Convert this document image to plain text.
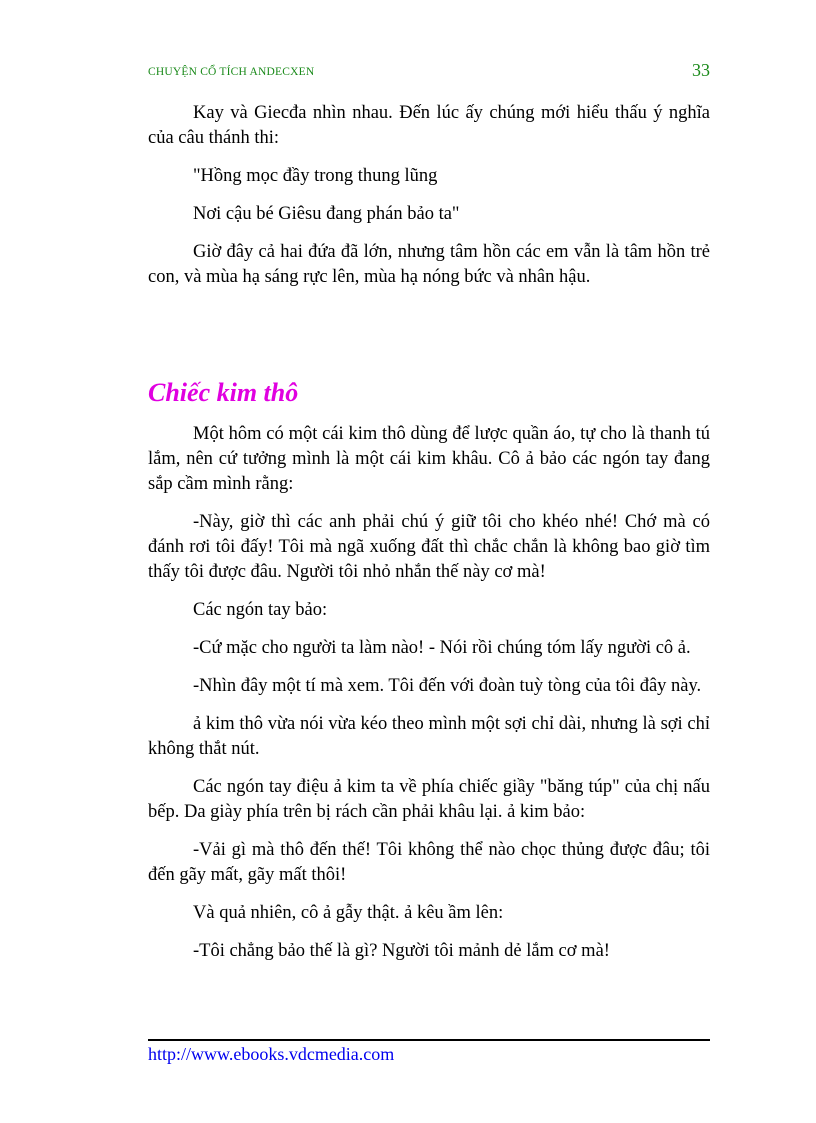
CHUYỆN CỔ TÍCH ANDECXEN	33

Kay và Giecđa nhìn nhau. Đến lúc ấy chúng mới hiểu thấu ý nghĩa của câu thánh thi:

"Hồng mọc đầy trong thung lũng

Nơi cậu bé Giêsu đang phán bảo ta"

Giờ đây cả hai đứa đã lớn, nhưng tâm hồn các em vẫn là tâm hồn trẻ con, và mùa hạ sáng rực lên, mùa hạ nóng bức và nhân hậu.

Chiếc kim thô

Một hôm có một cái kim thô dùng để lược quần áo, tự cho là thanh tú lắm, nên cứ tưởng mình là một cái kim khâu. Cô ả bảo các ngón tay đang sắp cầm mình rằng:

-Này, giờ thì các anh phải chú ý giữ tôi cho khéo nhé! Chớ mà có đánh rơi tôi đấy! Tôi mà ngã xuống đất thì chắc chắn là không bao giờ tìm thấy tôi được đâu. Người tôi nhỏ nhắn thế này cơ mà!

Các ngón tay bảo:

-Cứ mặc cho người ta làm nào! - Nói rồi chúng tóm lấy người cô ả.

-Nhìn đây một tí mà xem. Tôi đến với đoàn tuỳ tòng của tôi đây này.

ả kim thô vừa nói vừa kéo theo mình một sợi chỉ dài, nhưng là sợi chỉ không thắt nút.

Các ngón tay điệu ả kim ta về phía chiếc giầy "băng túp" của chị nấu bếp. Da giày phía trên bị rách cần phải khâu lại. ả kim bảo:

-Vải gì mà thô đến thế! Tôi không thể nào chọc thủng được đâu; tôi đến gãy mất, gãy mất thôi!

Và quả nhiên, cô ả gẫy thật. ả kêu ầm lên:

-Tôi chẳng bảo thế là gì? Người tôi mảnh dẻ lắm cơ mà!

http://www.ebooks.vdcmedia.com
